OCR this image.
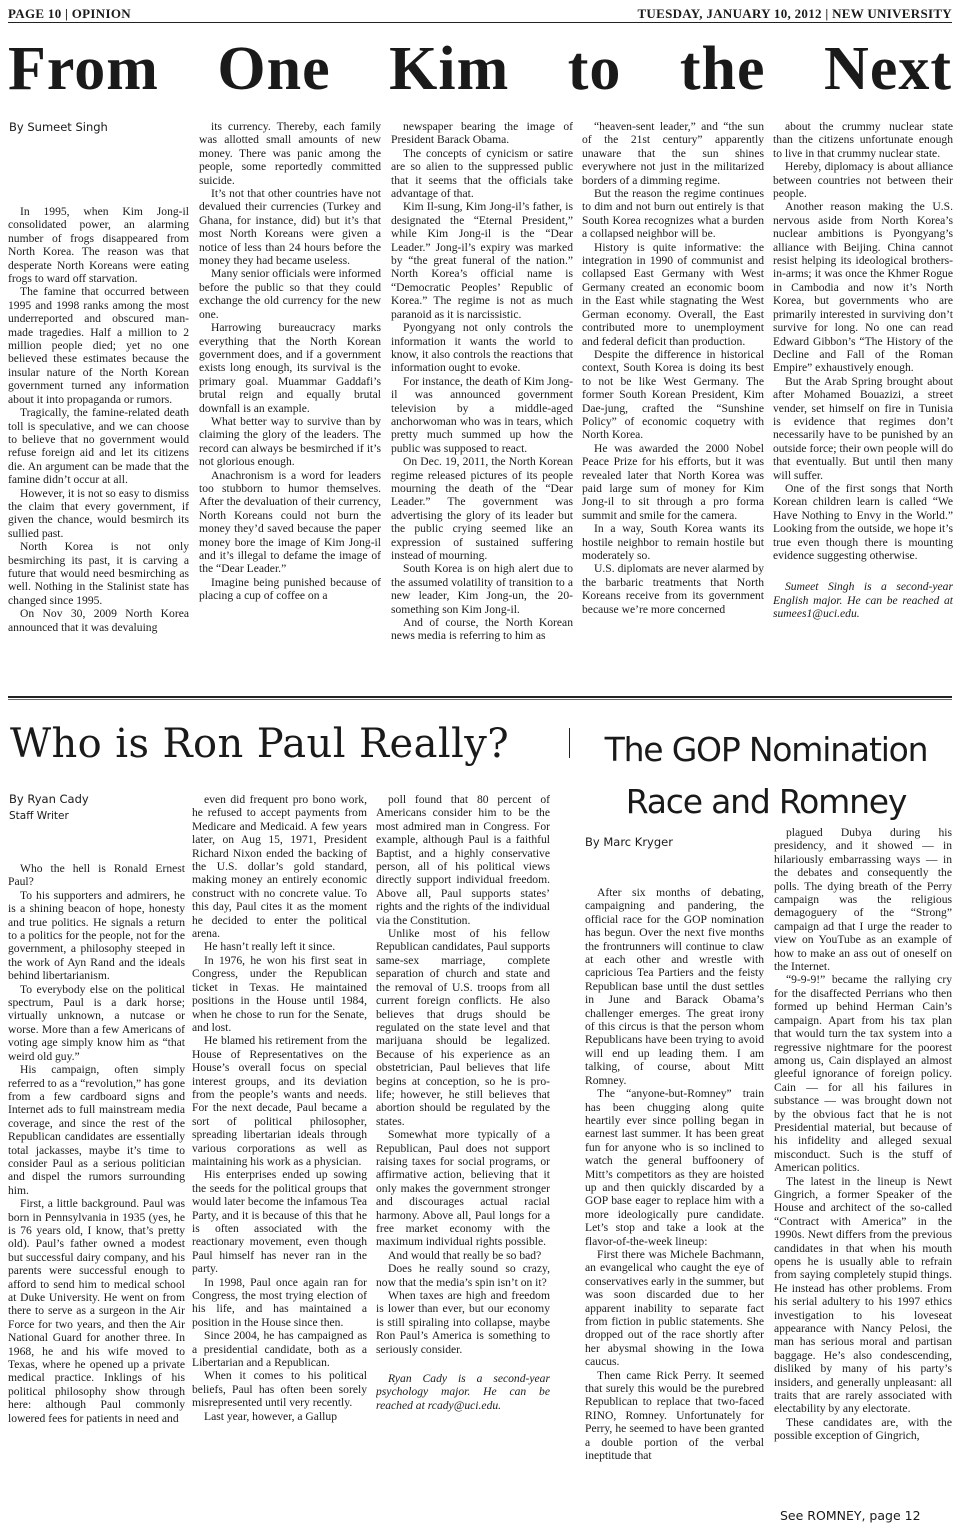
PAGE 10 | OPINION	TUESDAY, JANUARY 10, 2012 | NEW UNIVERSITY
From One Kim to the Next
By Sumeet Singh

In 1995, when Kim Jong-il consolidated power, an alarming number of frogs disappeared from North Korea. The reason was that desperate North Koreans were eating frogs to ward off starvation.

The famine that occurred between 1995 and 1998 ranks among the most underreported and obscured man-made tragedies. Half a million to 2 million people died; yet no one believed these estimates because the insular nature of the North Korean government turned any information about it into propaganda or rumors.

Tragically, the famine-related death toll is speculative, and we can choose to believe that no government would refuse foreign aid and let its citizens die. An argument can be made that the famine didn’t occur at all.

However, it is not so easy to dismiss the claim that every government, if given the chance, would besmirch its sullied past.

North Korea is not only besmirching its past, it is carving a future that would need besmirching as well. Nothing in the Stalinist state has changed since 1995.

On Nov 30, 2009 North Korea announced that it was devaluing

its currency. Thereby, each family was allotted small amounts of new money. There was panic among the people, some reportedly committed suicide.

It’s not that other countries have not devalued their currencies (Turkey and Ghana, for instance, did) but it’s that most North Koreans were given a notice of less than 24 hours before the money they had became useless.

Many senior officials were informed before the public so that they could exchange the old currency for the new one.

Harrowing bureaucracy marks everything that the North Korean government does, and if a government exists long enough, its survival is the primary goal. Muammar Gaddafi’s brutal reign and equally brutal downfall is an example.

What better way to survive than by claiming the glory of the leaders. The record can always be besmirched if it’s not glorious enough.

Anachronism is a word for leaders too stubborn to humor themselves. After the devaluation of their currency, North Koreans could not burn the money they’d saved because the paper money bore the image of Kim Jong-il and it’s illegal to defame the image of the “Dear Leader.”

Imagine being punished because of placing a cup of coffee on a

newspaper bearing the image of President Barack Obama.

The concepts of cynicism or satire are so alien to the suppressed public that it seems that the officials take advantage of that.

Kim Il-sung, Kim Jong-il’s father, is designated the “Eternal President,” while Kim Jong-il is the “Dear Leader.” Jong-il’s expiry was marked by “the great funeral of the nation.” North Korea’s official name is “Democratic Peoples’ Republic of Korea.” The regime is not as much paranoid as it is narcissistic.

Pyongyang not only controls the information it wants the world to know, it also controls the reactions that information ought to evoke.

For instance, the death of Kim Jong-il was announced government television by a middle-aged anchorwoman who was in tears, which pretty much summed up how the public was supposed to react.

On Dec. 19, 2011, the North Korean regime released pictures of its people mourning the death of the “Dear Leader.” The government was advertising the glory of its leader but the public crying seemed like an expression of sustained suffering instead of mourning.

South Korea is on high alert due to the assumed volatility of transition to a new leader, Kim Jong-un, the 20-something son Kim Jong-il.

And of course, the North Korean news media is referring to him as

“heaven-sent leader,” and “the sun of the 21st century” apparently unaware that the sun shines everywhere not just in the militarized borders of a dimming regime.

But the reason the regime continues to dim and not burn out entirely is that South Korea recognizes what a burden a collapsed neighbor will be.

History is quite informative: the integration in 1990 of communist and collapsed East Germany with West Germany created an economic boom in the East while stagnating the West German economy. Overall, the East contributed more to unemployment and federal deficit than production.

Despite the difference in historical context, South Korea is doing its best to not be like West Germany. The former South Korean President, Kim Dae-jung, crafted the “Sunshine Policy” of economic coquetry with North Korea.

He was awarded the 2000 Nobel Peace Prize for his efforts, but it was revealed later that North Korea was paid large sum of money for Kim Jong-il to sit through a pro forma summit and smile for the camera.

In a way, South Korea wants its hostile neighbor to remain hostile but moderately so.

U.S. diplomats are never alarmed by the barbaric treatments that North Koreans receive from its government because we’re more concerned

about the crummy nuclear state than the citizens unfortunate enough to live in that crummy nuclear state.

Hereby, diplomacy is about alliance between countries not between their people.

Another reason making the U.S. nervous aside from North Korea’s nuclear ambitions is Pyongyang’s alliance with Beijing. China cannot resist helping its ideological brothers-in-arms; it was once the Khmer Rogue in Cambodia and now it’s North Korea, but governments who are primarily interested in surviving don’t survive for long. No one can read Edward Gibbon’s “The History of the Decline and Fall of the Roman Empire” exhaustively enough.

But the Arab Spring brought about after Mohamed Bouazizi, a street vender, set himself on fire in Tunisia is evidence that regimes don’t necessarily have to be punished by an outside force; their own people will do that eventually. But until then many will suffer.

One of the first songs that North Korean children learn is called “We Have Nothing to Envy in the World.” Looking from the outside, we hope it’s true even though there is mounting evidence suggesting otherwise.

Sumeet Singh is a second-year English major. He can be reached at sumees1@uci.edu.

Who is Ron Paul Really?
By Ryan Cady
Staff Writer

Who the hell is Ronald Ernest Paul?

To his supporters and admirers, he is a shining beacon of hope, honesty and true politics. He signals a return to a politics for the people, not for the government, a philosophy steeped in the work of Ayn Rand and the ideals behind libertarianism.

To everybody else on the political spectrum, Paul is a dark horse; virtually unknown, a nutcase or worse. More than a few Americans of voting age simply know him as “that weird old guy.”

His campaign, often simply referred to as a “revolution,” has gone from a few cardboard signs and Internet ads to full mainstream media coverage, and since the rest of the Republican candidates are essentially total jackasses, maybe it’s time to consider Paul as a serious politician and dispel the rumors surrounding him.

First, a little background. Paul was born in Pennsylvania in 1935 (yes, he is 76 years old, I know, that’s pretty old). Paul’s father owned a modest but successful dairy company, and his parents were successful enough to afford to send him to medical school at Duke University. He went on from there to serve as a surgeon in the Air Force for two years, and then the Air National Guard for another three. In 1968, he and his wife moved to Texas, where he opened up a private medical practice. Inklings of his political philosophy show through here: although Paul commonly lowered fees for patients in need and

even did frequent pro bono work, he refused to accept payments from Medicare and Medicaid. A few years later, on Aug 15, 1971, President Richard Nixon ended the backing of the U.S. dollar’s gold standard, making money an entirely economic construct with no concrete value. To this day, Paul cites it as the moment he decided to enter the political arena.

He hasn’t really left it since.

In 1976, he won his first seat in Congress, under the Republican ticket in Texas. He maintained positions in the House until 1984, when he chose to run for the Senate, and lost.

He blamed his retirement from the House of Representatives on the House’s overall focus on special interest groups, and its deviation from the people’s wants and needs. For the next decade, Paul became a sort of political philosopher, spreading libertarian ideals through various corporations as well as maintaining his work as a physician.

His enterprises ended up sowing the seeds for the political groups that would later become the infamous Tea Party, and it is because of this that he is often associated with the reactionary movement, even though Paul himself has never ran in the party.

In 1998, Paul once again ran for Congress, the most trying election of his life, and has maintained a position in the House since then.

Since 2004, he has campaigned as a presidential candidate, both as a Libertarian and a Republican.

When it comes to his political beliefs, Paul has often been sorely misrepresented until very recently.

Last year, however, a Gallup

poll found that 80 percent of Americans consider him to be the most admired man in Congress. For example, although Paul is a faithful Baptist, and a highly conservative person, all of his political views directly support individual freedom. Above all, Paul supports states’ rights and the rights of the individual via the Constitution.

Unlike most of his fellow Republican candidates, Paul supports same-sex marriage, complete separation of church and state and the removal of U.S. troops from all current foreign conflicts. He also believes that drugs should be regulated on the state level and that marijuana should be legalized. Because of his experience as an obstetrician, Paul believes that life begins at conception, so he is pro-life; however, he still believes that abortion should be regulated by the states.

Somewhat more typically of a Republican, Paul does not support raising taxes for social programs, or affirmative action, believing that it only makes the government stronger and discourages actual racial harmony. Above all, Paul longs for a free market economy with the maximum individual rights possible.

And would that really be so bad?

Does he really sound so crazy, now that the media’s spin isn’t on it?

When taxes are high and freedom is lower than ever, but our economy is still spiraling into collapse, maybe Ron Paul’s America is something to seriously consider.

Ryan Cady is a second-year psychology major. He can be reached at rcady@uci.edu.

The GOP Nomination Race and Romney
By Marc Kryger

After six months of debating, campaigning and pandering, the official race for the GOP nomination has begun. Over the next five months the frontrunners will continue to claw at each other and wrestle with capricious Tea Partiers and the feisty Republican base until the dust settles in June and Barack Obama’s challenger emerges. The great irony of this circus is that the person whom Republicans have been trying to avoid will end up leading them. I am talking, of course, about Mitt Romney.

The “anyone-but-Romney” train has been chugging along quite heartily ever since polling began in earnest last summer. It has been great fun for anyone who is so inclined to watch the general buffoonery of Mitt’s competitors as they are hoisted up and then quickly discarded by a GOP base eager to replace him with a more ideologically pure candidate. Let’s stop and take a look at the flavor-of-the-week lineup:

First there was Michele Bachmann, an evangelical who caught the eye of conservatives early in the summer, but was soon discarded due to her apparent inability to separate fact from fiction in public statements. She dropped out of the race shortly after her abysmal showing in the Iowa caucus.

Then came Rick Perry. It seemed that surely this would be the purebred Republican to replace that two-faced RINO, Romney. Unfortunately for Perry, he seemed to have been granted a double portion of the verbal ineptitude that

plagued Dubya during his presidency, and it showed — in hilariously embarrassing ways — in the debates and consequently the polls. The dying breath of the Perry campaign was the religious demagoguery of the “Strong” campaign ad that I urge the reader to view on YouTube as an example of how to make an ass out of oneself on the Internet.

“9-9-9!” became the rallying cry for the disaffected Perrians who then formed up behind Herman Cain’s campaign. Apart from his tax plan that would turn the tax system into a regressive nightmare for the poorest among us, Cain displayed an almost gleeful ignorance of foreign policy. Cain — for all his failures in substance — was brought down not by the obvious fact that he is not Presidential material, but because of his infidelity and alleged sexual misconduct. Such is the stuff of American politics.

The latest in the lineup is Newt Gingrich, a former Speaker of the House and architect of the so-called “Contract with America” in the 1990s. Newt differs from the previous candidates in that when his mouth opens he is usually able to refrain from saying completely stupid things. He instead has other problems. From his serial adultery to his 1997 ethics investigation to his loveseat appearance with Nancy Pelosi, the man has serious moral and partisan baggage. He’s also condescending, disliked by many of his party’s insiders, and generally unpleasant: all traits that are rarely associated with electability by any electorate.

These candidates are, with the possible exception of Gingrich,

See ROMNEY, page 12
